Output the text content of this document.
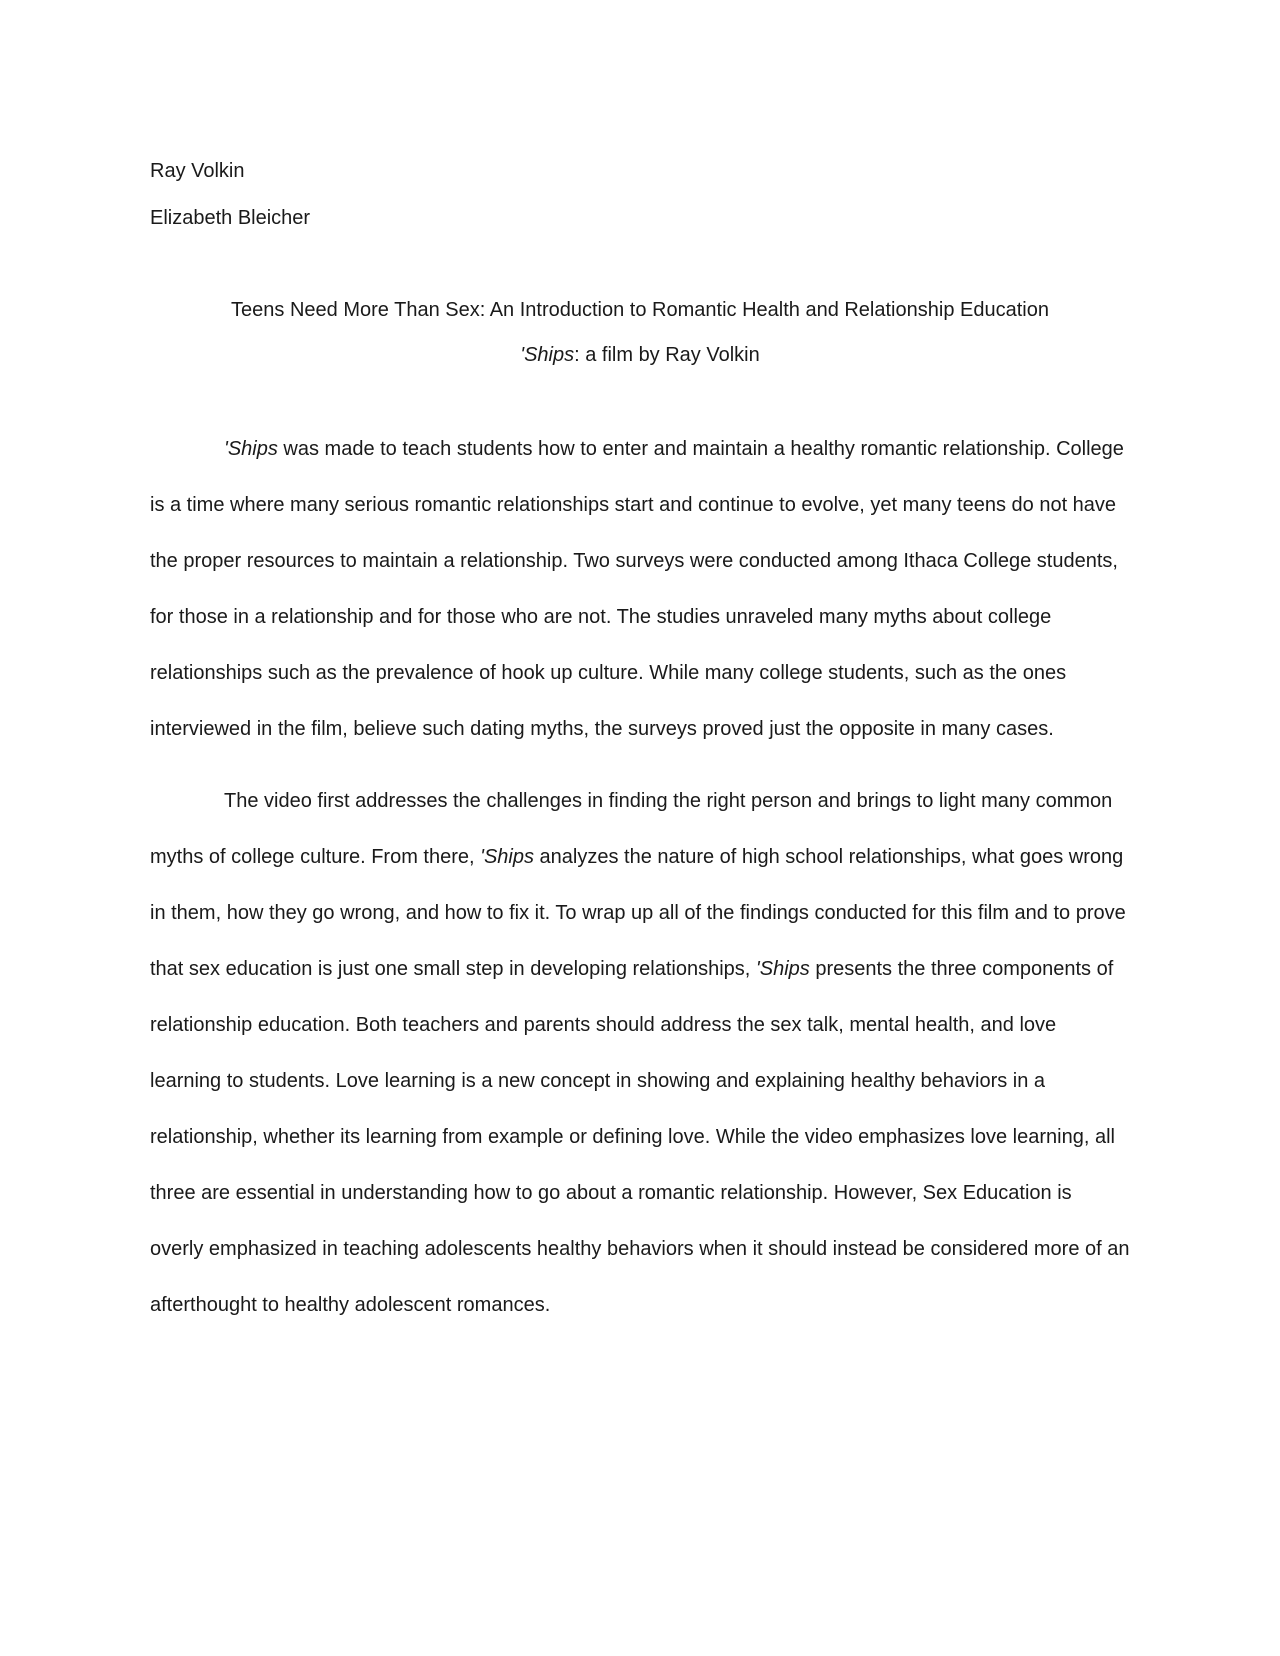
Ray Volkin

Elizabeth Bleicher

Teens Need More Than Sex: An Introduction to Romantic Health and Relationship Education

'Ships: a film by Ray Volkin

'Ships was made to teach students how to enter and maintain a healthy romantic relationship. College is a time where many serious romantic relationships start and continue to evolve, yet many teens do not have the proper resources to maintain a relationship. Two surveys were conducted among Ithaca College students, for those in a relationship and for those who are not. The studies unraveled many myths about college relationships such as the prevalence of hook up culture. While many college students, such as the ones interviewed in the film, believe such dating myths, the surveys proved just the opposite in many cases.

The video first addresses the challenges in finding the right person and brings to light many common myths of college culture. From there, 'Ships analyzes the nature of high school relationships, what goes wrong in them, how they go wrong, and how to fix it. To wrap up all of the findings conducted for this film and to prove that sex education is just one small step in developing relationships, 'Ships presents the three components of relationship education. Both teachers and parents should address the sex talk, mental health, and love learning to students. Love learning is a new concept in showing and explaining healthy behaviors in a relationship, whether its learning from example or defining love. While the video emphasizes love learning, all three are essential in understanding how to go about a romantic relationship. However, Sex Education is overly emphasized in teaching adolescents healthy behaviors when it should instead be considered more of an afterthought to healthy adolescent romances.
